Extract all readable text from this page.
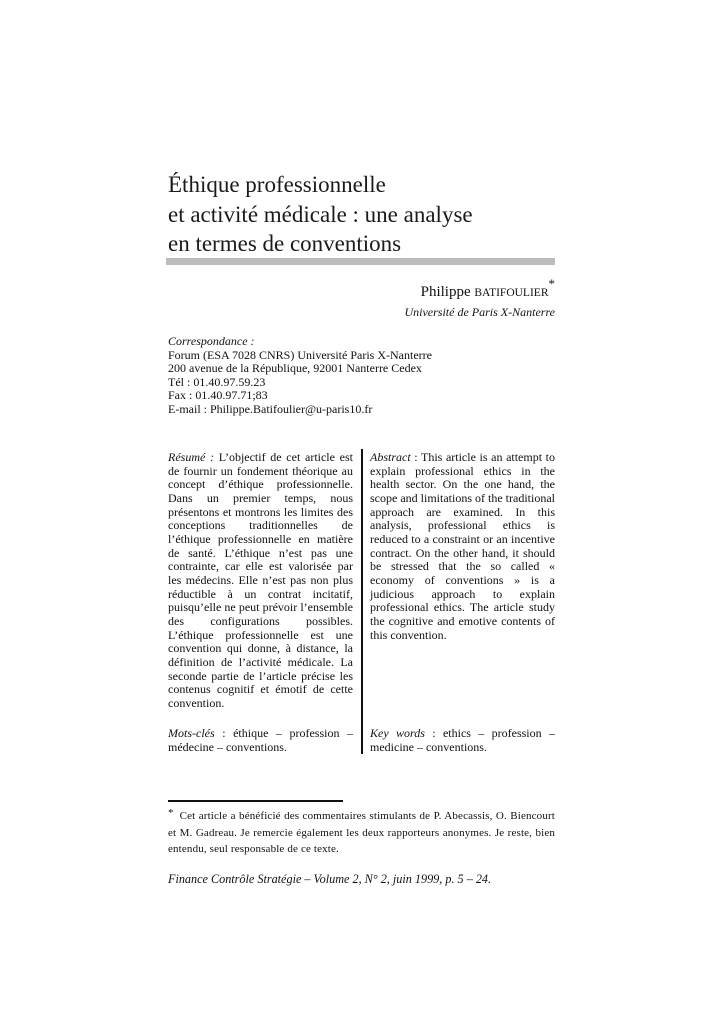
Éthique professionnelle
et activité médicale : une analyse
en termes de conventions
Philippe BATIFOULIER*
Université de Paris X-Nanterre
Correspondance :
Forum (ESA 7028 CNRS) Université Paris X-Nanterre
200 avenue de la République, 92001 Nanterre Cedex
Tél : 01.40.97.59.23
Fax : 01.40.97.71;83
E-mail : Philippe.Batifoulier@u-paris10.fr
Résumé : L’objectif de cet article est de fournir un fondement théorique au concept d’éthique professionnelle. Dans un premier temps, nous présentons et montrons les limites des conceptions traditionnelles de l’éthique professionnelle en matière de santé. L’éthique n’est pas une contrainte, car elle est valorisée par les médecins. Elle n’est pas non plus réductible à un contrat incitatif, puisqu’elle ne peut prévoir l’ensemble des configurations possibles. L’éthique professionnelle est une convention qui donne, à distance, la définition de l’activité médicale. La seconde partie de l’article précise les contenus cognitif et émotif de cette convention.
Abstract : This article is an attempt to explain professional ethics in the health sector. On the one hand, the scope and limitations of the traditional approach are examined. In this analysis, professional ethics is reduced to a constraint or an incentive contract. On the other hand, it should be stressed that the so called « economy of conventions » is a judicious approach to explain professional ethics. The article study the cognitive and emotive contents of this convention.
Mots-clés : éthique – profession – médecine – conventions.
Key words : ethics – profession – medicine – conventions.
* Cet article a bénéficié des commentaires stimulants de P. Abecassis, O. Biencourt et M. Gadreau. Je remercie également les deux rapporteurs anonymes. Je reste, bien entendu, seul responsable de ce texte.
Finance Contrôle Stratégie – Volume 2, N° 2, juin 1999, p. 5 – 24.
